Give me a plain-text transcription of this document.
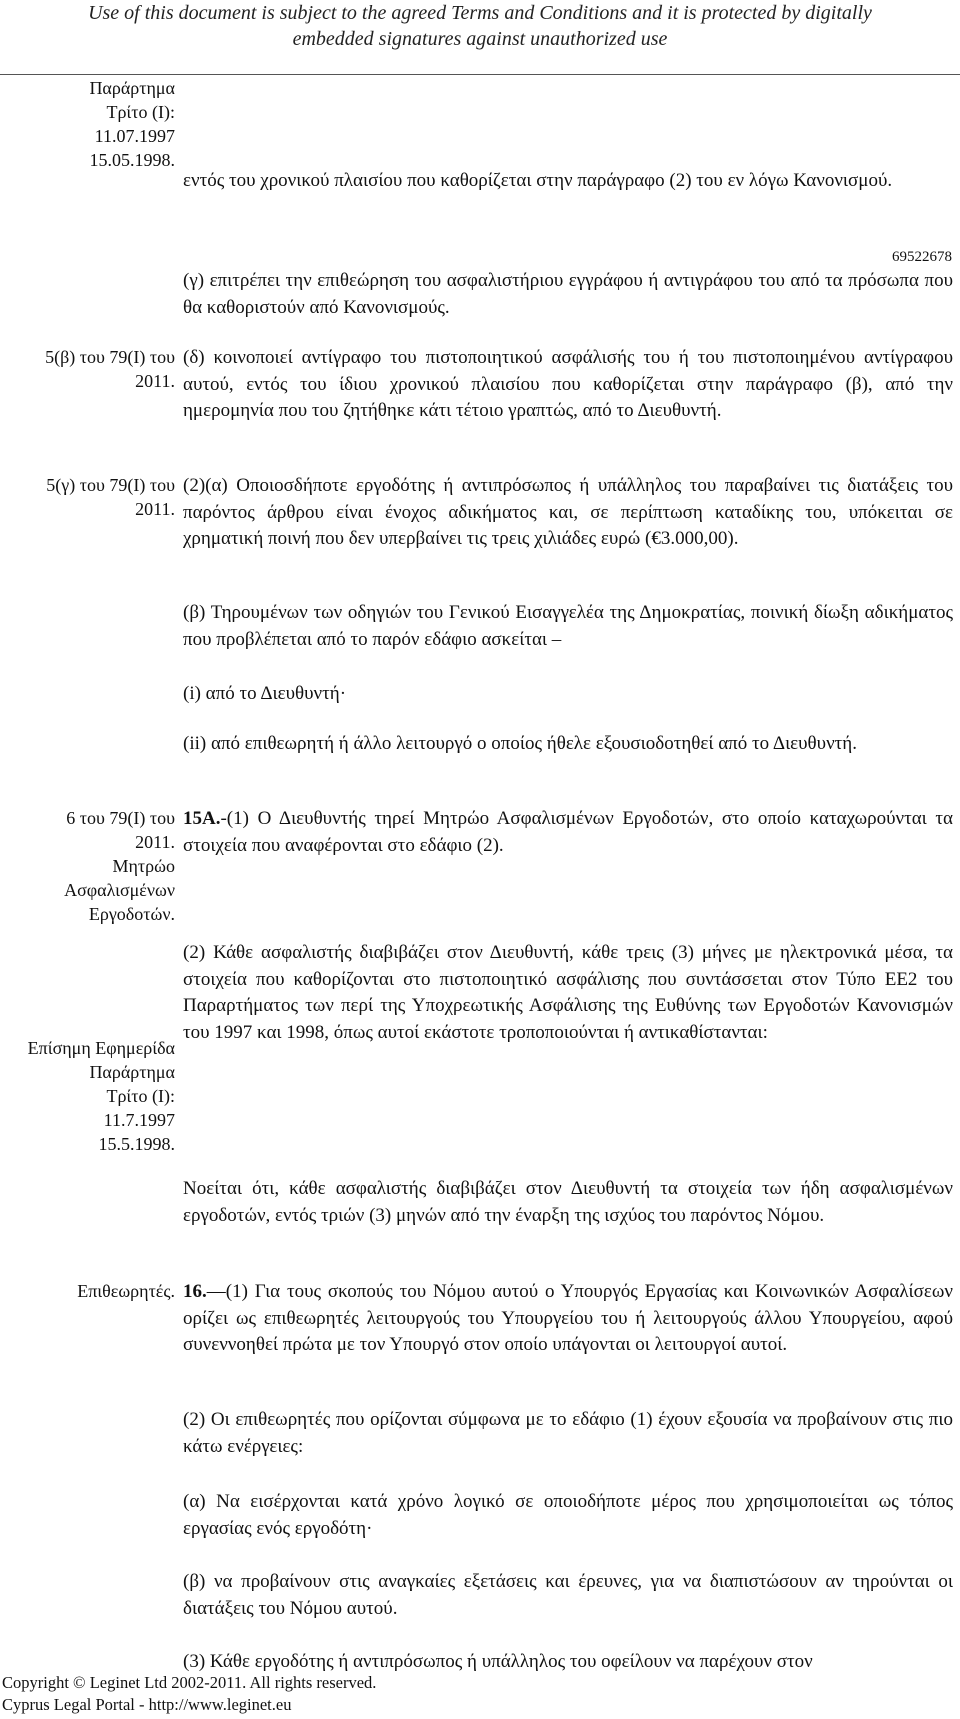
Use of this document is subject to the agreed Terms and Conditions and it is protected by digitally
embedded signatures against unauthorized use
Παράρτημα
Τρίτο (Ι):
11.07.1997
15.05.1998.
5(β) του 79(Ι) του
2011.
5(γ) του 79(Ι) του
2011.
6 του 79(Ι) του
2011.
Μητρώο
Ασφαλισμένων
Εργοδοτών.
Επίσημη Εφημερίδα
Παράρτημα
Τρίτο (Ι):
11.7.1997
15.5.1998.
Επιθεωρητές.
εντός του χρονικού πλαισίου που καθορίζεται στην παράγραφο (2) του εν λόγω Κανονισμού.
69522678
(γ) επιτρέπει την επιθεώρηση του ασφαλιστήριου εγγράφου ή αντιγράφου του από τα πρόσωπα που θα καθοριστούν από Κανονισμούς.
(δ) κοινοποιεί αντίγραφο του πιστοποιητικού ασφάλισής του ή του πιστοποιημένου αντίγραφου αυτού, εντός του ίδιου χρονικού πλαισίου που καθορίζεται στην παράγραφο (β), από την ημερομηνία που του ζητήθηκε κάτι τέτοιο γραπτώς, από το Διευθυντή.
(2)(α) Οποιοσδήποτε εργοδότης ή αντιπρόσωπος ή υπάλληλος του παραβαίνει τις διατάξεις του παρόντος άρθρου είναι ένοχος αδικήματος και, σε περίπτωση καταδίκης του, υπόκειται σε χρηματική ποινή που δεν υπερβαίνει τις τρεις χιλιάδες ευρώ (€3.000,00).
(β) Τηρουμένων των οδηγιών του Γενικού Εισαγγελέα της Δημοκρατίας, ποινική δίωξη αδικήματος που προβλέπεται από το παρόν εδάφιο ασκείται –
(i) από το Διευθυντή·
(ii) από επιθεωρητή ή άλλο λειτουργό ο οποίος ήθελε εξουσιοδοτηθεί από το Διευθυντή.
15Α.-(1) Ο Διευθυντής τηρεί Μητρώο Ασφαλισμένων Εργοδοτών, στο οποίο καταχωρούνται τα στοιχεία που αναφέρονται στο εδάφιο (2).
(2) Κάθε ασφαλιστής διαβιβάζει στον Διευθυντή, κάθε τρεις (3) μήνες με ηλεκτρονικά μέσα, τα στοιχεία που καθορίζονται στο πιστοποιητικό ασφάλισης που συντάσσεται στον Τύπο ΕΕ2 του Παραρτήματος των περί της Υποχρεωτικής Ασφάλισης της Ευθύνης των Εργοδοτών Κανονισμών του 1997 και 1998, όπως αυτοί εκάστοτε τροποποιούνται ή αντικαθίστανται:
Νοείται ότι, κάθε ασφαλιστής διαβιβάζει στον Διευθυντή τα στοιχεία των ήδη ασφαλισμένων εργοδοτών, εντός τριών (3) μηνών από την έναρξη της ισχύος του παρόντος Νόμου.
16.—(1) Για τους σκοπούς του Νόμου αυτού ο Υπουργός Εργασίας και Κοινωνικών Ασφαλίσεων ορίζει ως επιθεωρητές λειτουργούς του Υπουργείου του ή λειτουργούς άλλου Υπουργείου, αφού συνεννοηθεί πρώτα με τον Υπουργό στον οποίο υπάγονται οι λειτουργοί αυτοί.
(2) Οι επιθεωρητές που ορίζονται σύμφωνα με το εδάφιο (1) έχουν εξουσία να προβαίνουν στις πιο κάτω ενέργειες:
(α) Να εισέρχονται κατά χρόνο λογικό σε οποιοδήποτε μέρος που χρησιμοποιείται ως τόπος εργασίας ενός εργοδότη·
(β) να προβαίνουν στις αναγκαίες εξετάσεις και έρευνες, για να διαπιστώσουν αν τηρούνται οι διατάξεις του Νόμου αυτού.
(3) Κάθε εργοδότης ή αντιπρόσωπος ή υπάλληλος του οφείλουν να παρέχουν στον
Copyright © Leginet Ltd 2002-2011. All rights reserved.
Cyprus Legal Portal - http://www.leginet.eu
